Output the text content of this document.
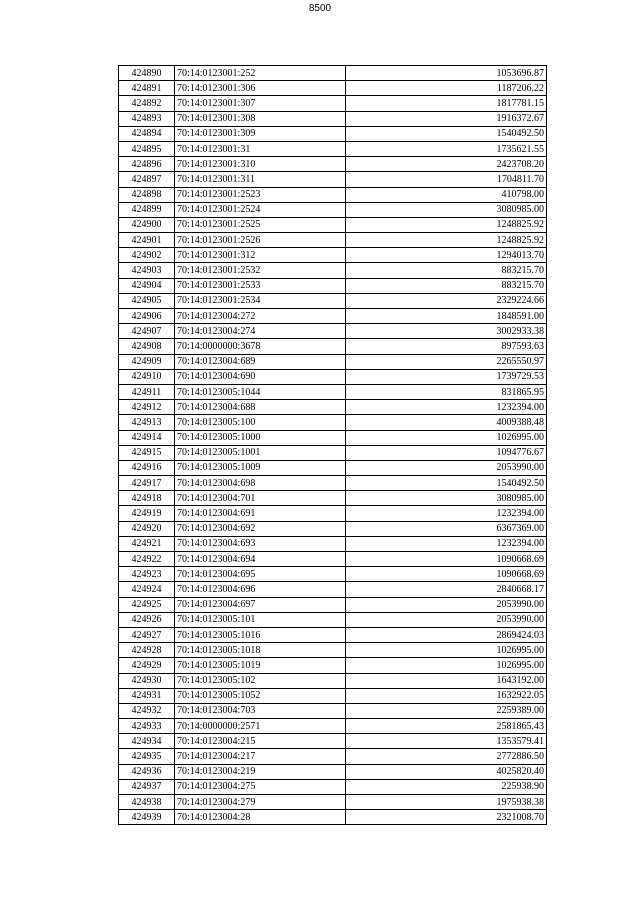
8500
424890	70:14:0123001:252	1053696.87
424891	70:14:0123001:306	1187206.22
424892	70:14:0123001:307	1817781.15
424893	70:14:0123001:308	1916372.67
424894	70:14:0123001:309	1540492.50
424895	70:14:0123001:31	1735621.55
424896	70:14:0123001:310	2423708.20
424897	70:14:0123001:311	1704811.70
424898	70:14:0123001:2523	410798.00
424899	70:14:0123001:2524	3080985.00
424900	70:14:0123001:2525	1248825.92
424901	70:14:0123001:2526	1248825.92
424902	70:14:0123001:312	1294013.70
424903	70:14:0123001:2532	883215.70
424904	70:14:0123001:2533	883215.70
424905	70:14:0123001:2534	2329224.66
424906	70:14:0123004:272	1848591.00
424907	70:14:0123004:274	3002933.38
424908	70:14:0000000:3678	897593.63
424909	70:14:0123004:689	2265550.97
424910	70:14:0123004:690	1739729.53
424911	70:14:0123005:1044	831865.95
424912	70:14:0123004:688	1232394.00
424913	70:14:0123005:100	4009388.48
424914	70:14:0123005:1000	1026995.00
424915	70:14:0123005:1001	1094776.67
424916	70:14:0123005:1009	2053990.00
424917	70:14:0123004:698	1540492.50
424918	70:14:0123004:701	3080985.00
424919	70:14:0123004:691	1232394.00
424920	70:14:0123004:692	6367369.00
424921	70:14:0123004:693	1232394.00
424922	70:14:0123004:694	1090668.69
424923	70:14:0123004:695	1090668.69
424924	70:14:0123004:696	2840668.17
424925	70:14:0123004:697	2053990.00
424926	70:14:0123005:101	2053990.00
424927	70:14:0123005:1016	2869424.03
424928	70:14:0123005:1018	1026995.00
424929	70:14:0123005:1019	1026995.00
424930	70:14:0123005:102	1643192.00
424931	70:14:0123005:1052	1632922.05
424932	70:14:0123004:703	2259389.00
424933	70:14:0000000:2571	2581865.43
424934	70:14:0123004:215	1353579.41
424935	70:14:0123004:217	2772886.50
424936	70:14:0123004:219	4025820.40
424937	70:14:0123004:275	225938.90
424938	70:14:0123004:279	1975938.38
424939	70:14:0123004:28	2321008.70
